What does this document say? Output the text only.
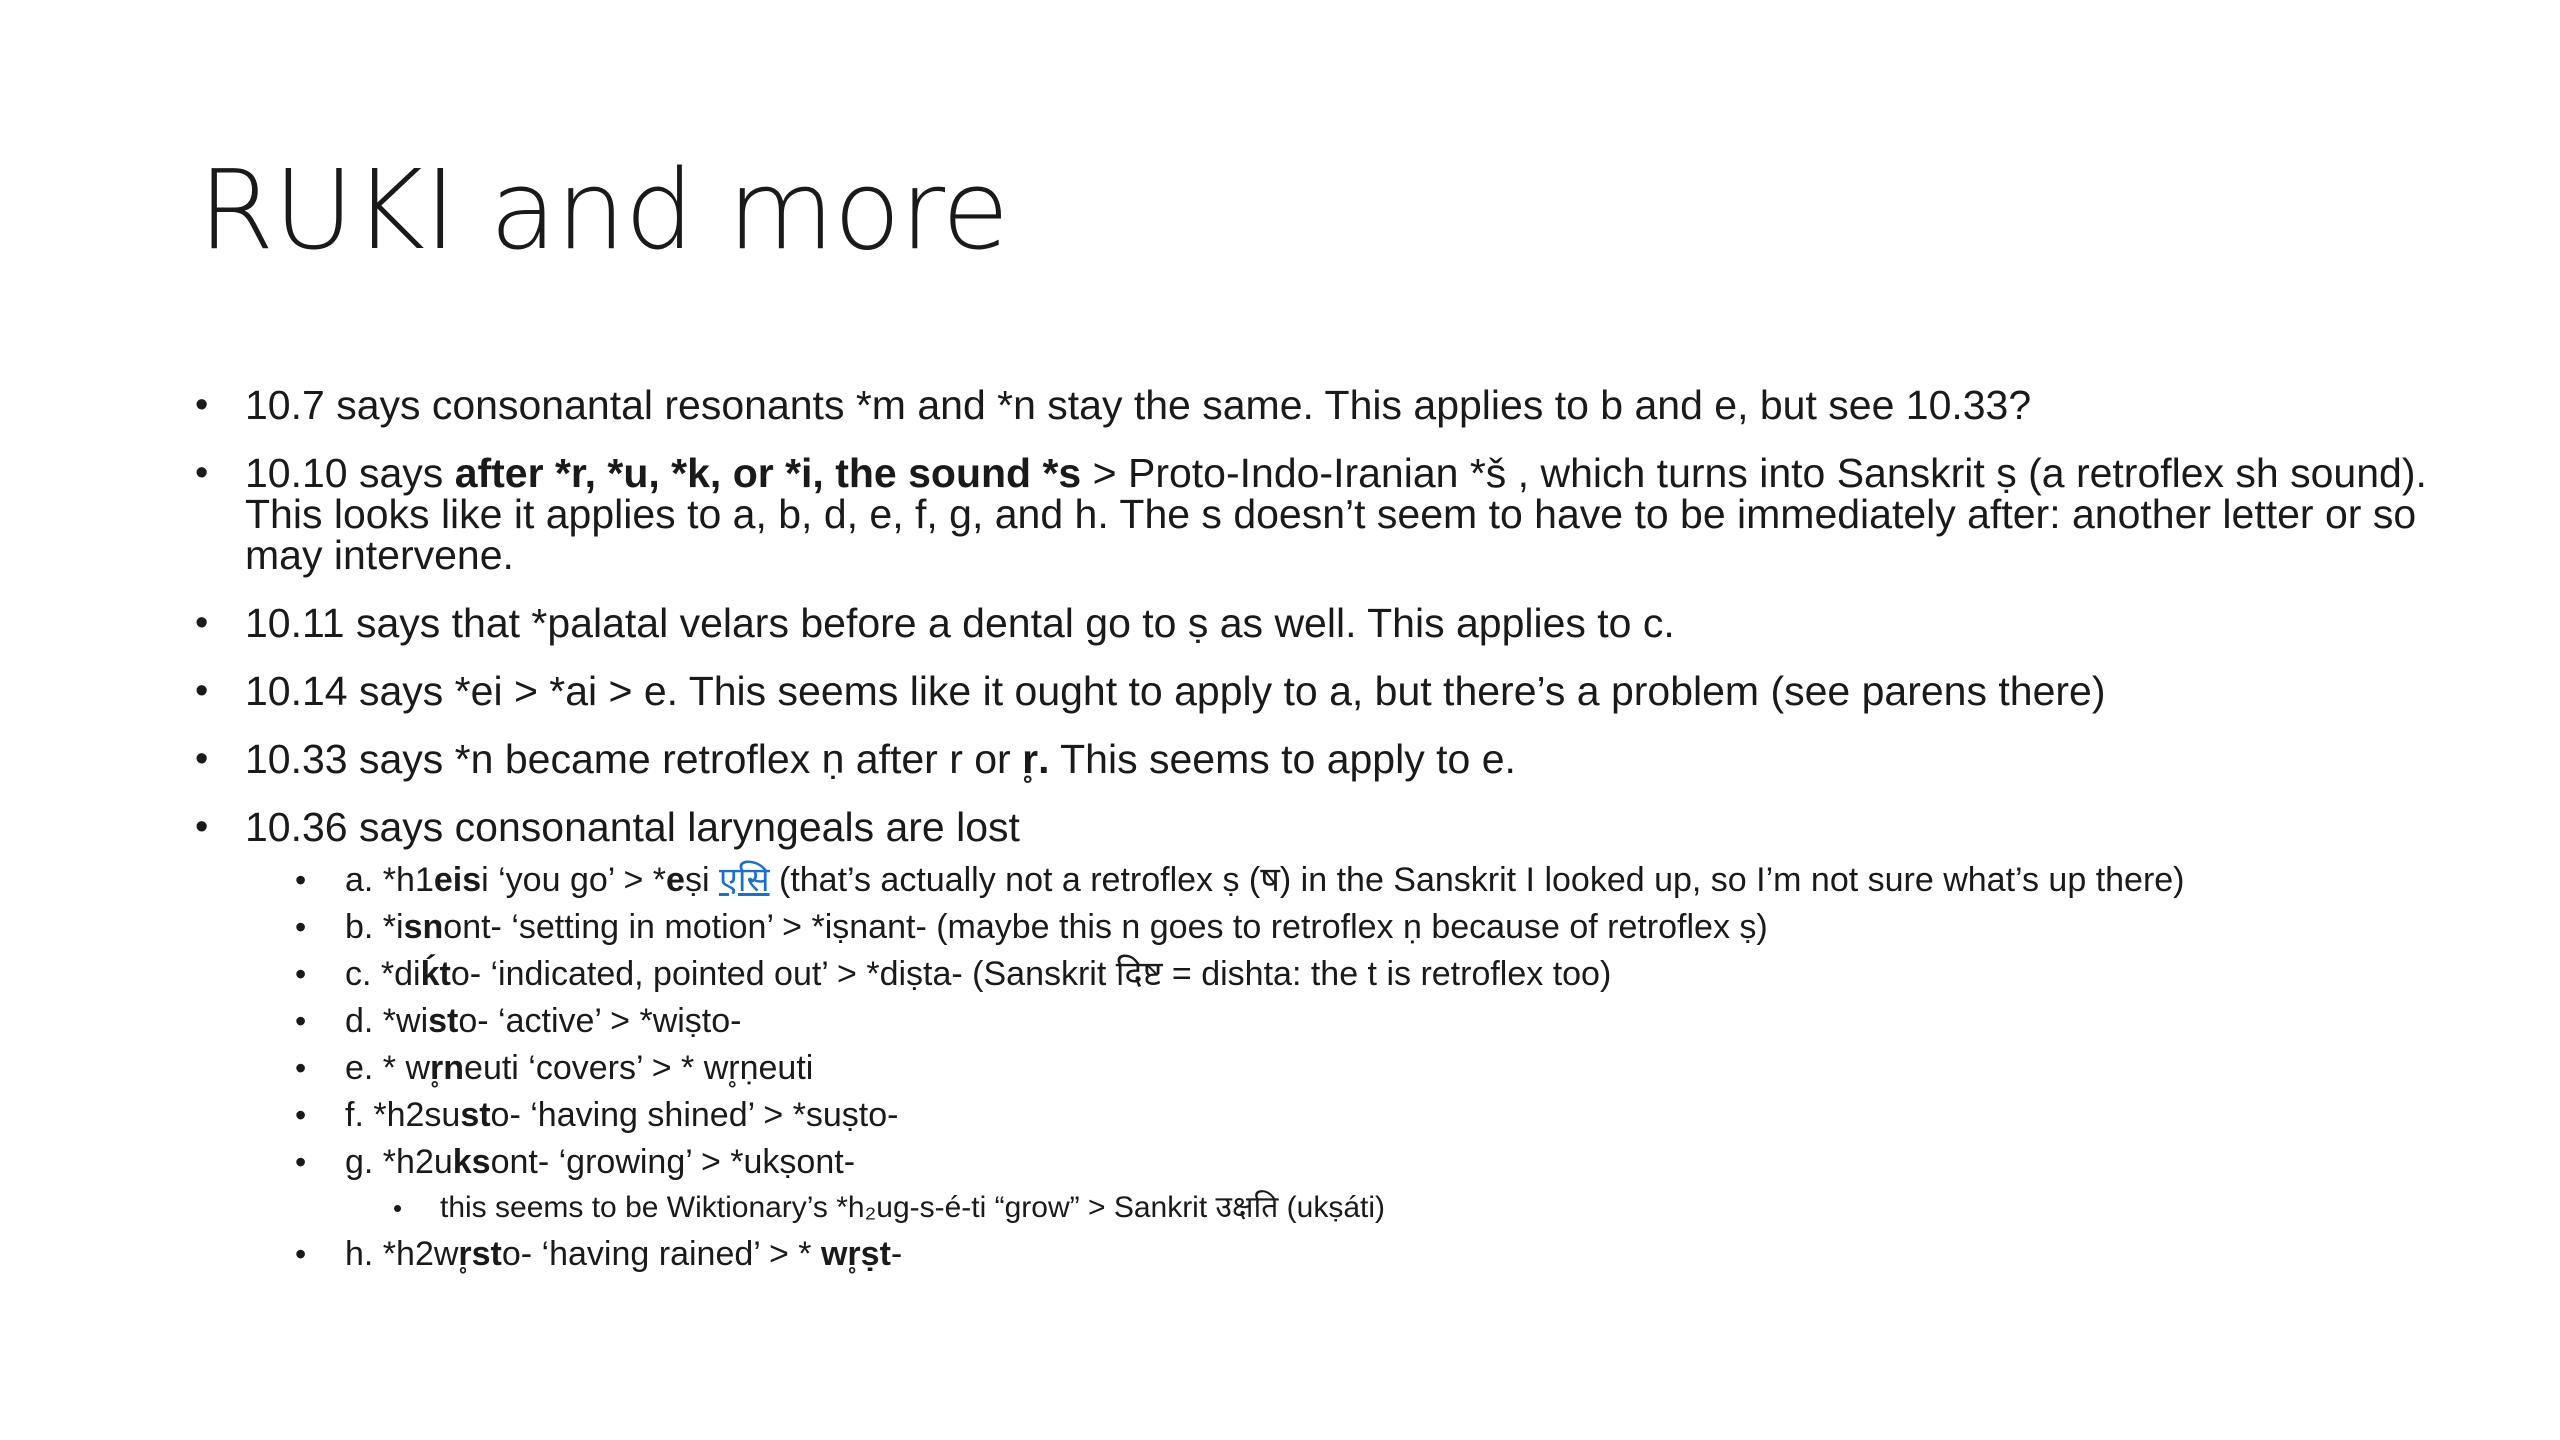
RUKI and more
• 10.7 says consonantal resonants *m and *n stay the same. This applies to b and e, but see 10.33?
• 10.10 says after *r, *u, *k, or *i, the sound *s > Proto-Indo-Iranian *š , which turns into Sanskrit ṣ (a retroflex sh sound). This looks like it applies to a, b, d, e, f, g, and h. The s doesn’t seem to have to be immediately after: another letter or so may intervene.
• 10.11 says that *palatal velars before a dental go to ṣ as well. This applies to c.
• 10.14 says *ei > *ai > e. This seems like it ought to apply to a, but there’s a problem (see parens there)
• 10.33 says *n became retroflex ṇ after r or r̥. This seems to apply to e.
• 10.36 says consonantal laryngeals are lost
• a. *h1eisi ‘you go’ > *eṣi एसि (that’s actually not a retroflex ṣ (ष) in the Sanskrit I looked up, so I’m not sure what’s up there)
• b. *isnont- ‘setting in motion’ > *iṣnant- (maybe this n goes to retroflex ṇ because of retroflex ṣ)
• c. *diḱto- ‘indicated, pointed out’ > *diṣta- (Sanskrit दिष्ट = dishta: the t is retroflex too)
• d. *wisto- ‘active’ > *wiṣto-
• e. * wr̥neuti ‘covers’ > * wr̥ṇeuti
• f. *h2susto- ‘having shined’ > *suṣto-
• g. *h2uksont- ‘growing’ > *ukṣont-
• this seems to be Wiktionary’s *h₂ug-s-é-ti “grow” > Sankrit उक्षति (ukṣáti)
• h. *h2wr̥sto- ‘having rained’ > * wr̥ṣt-
